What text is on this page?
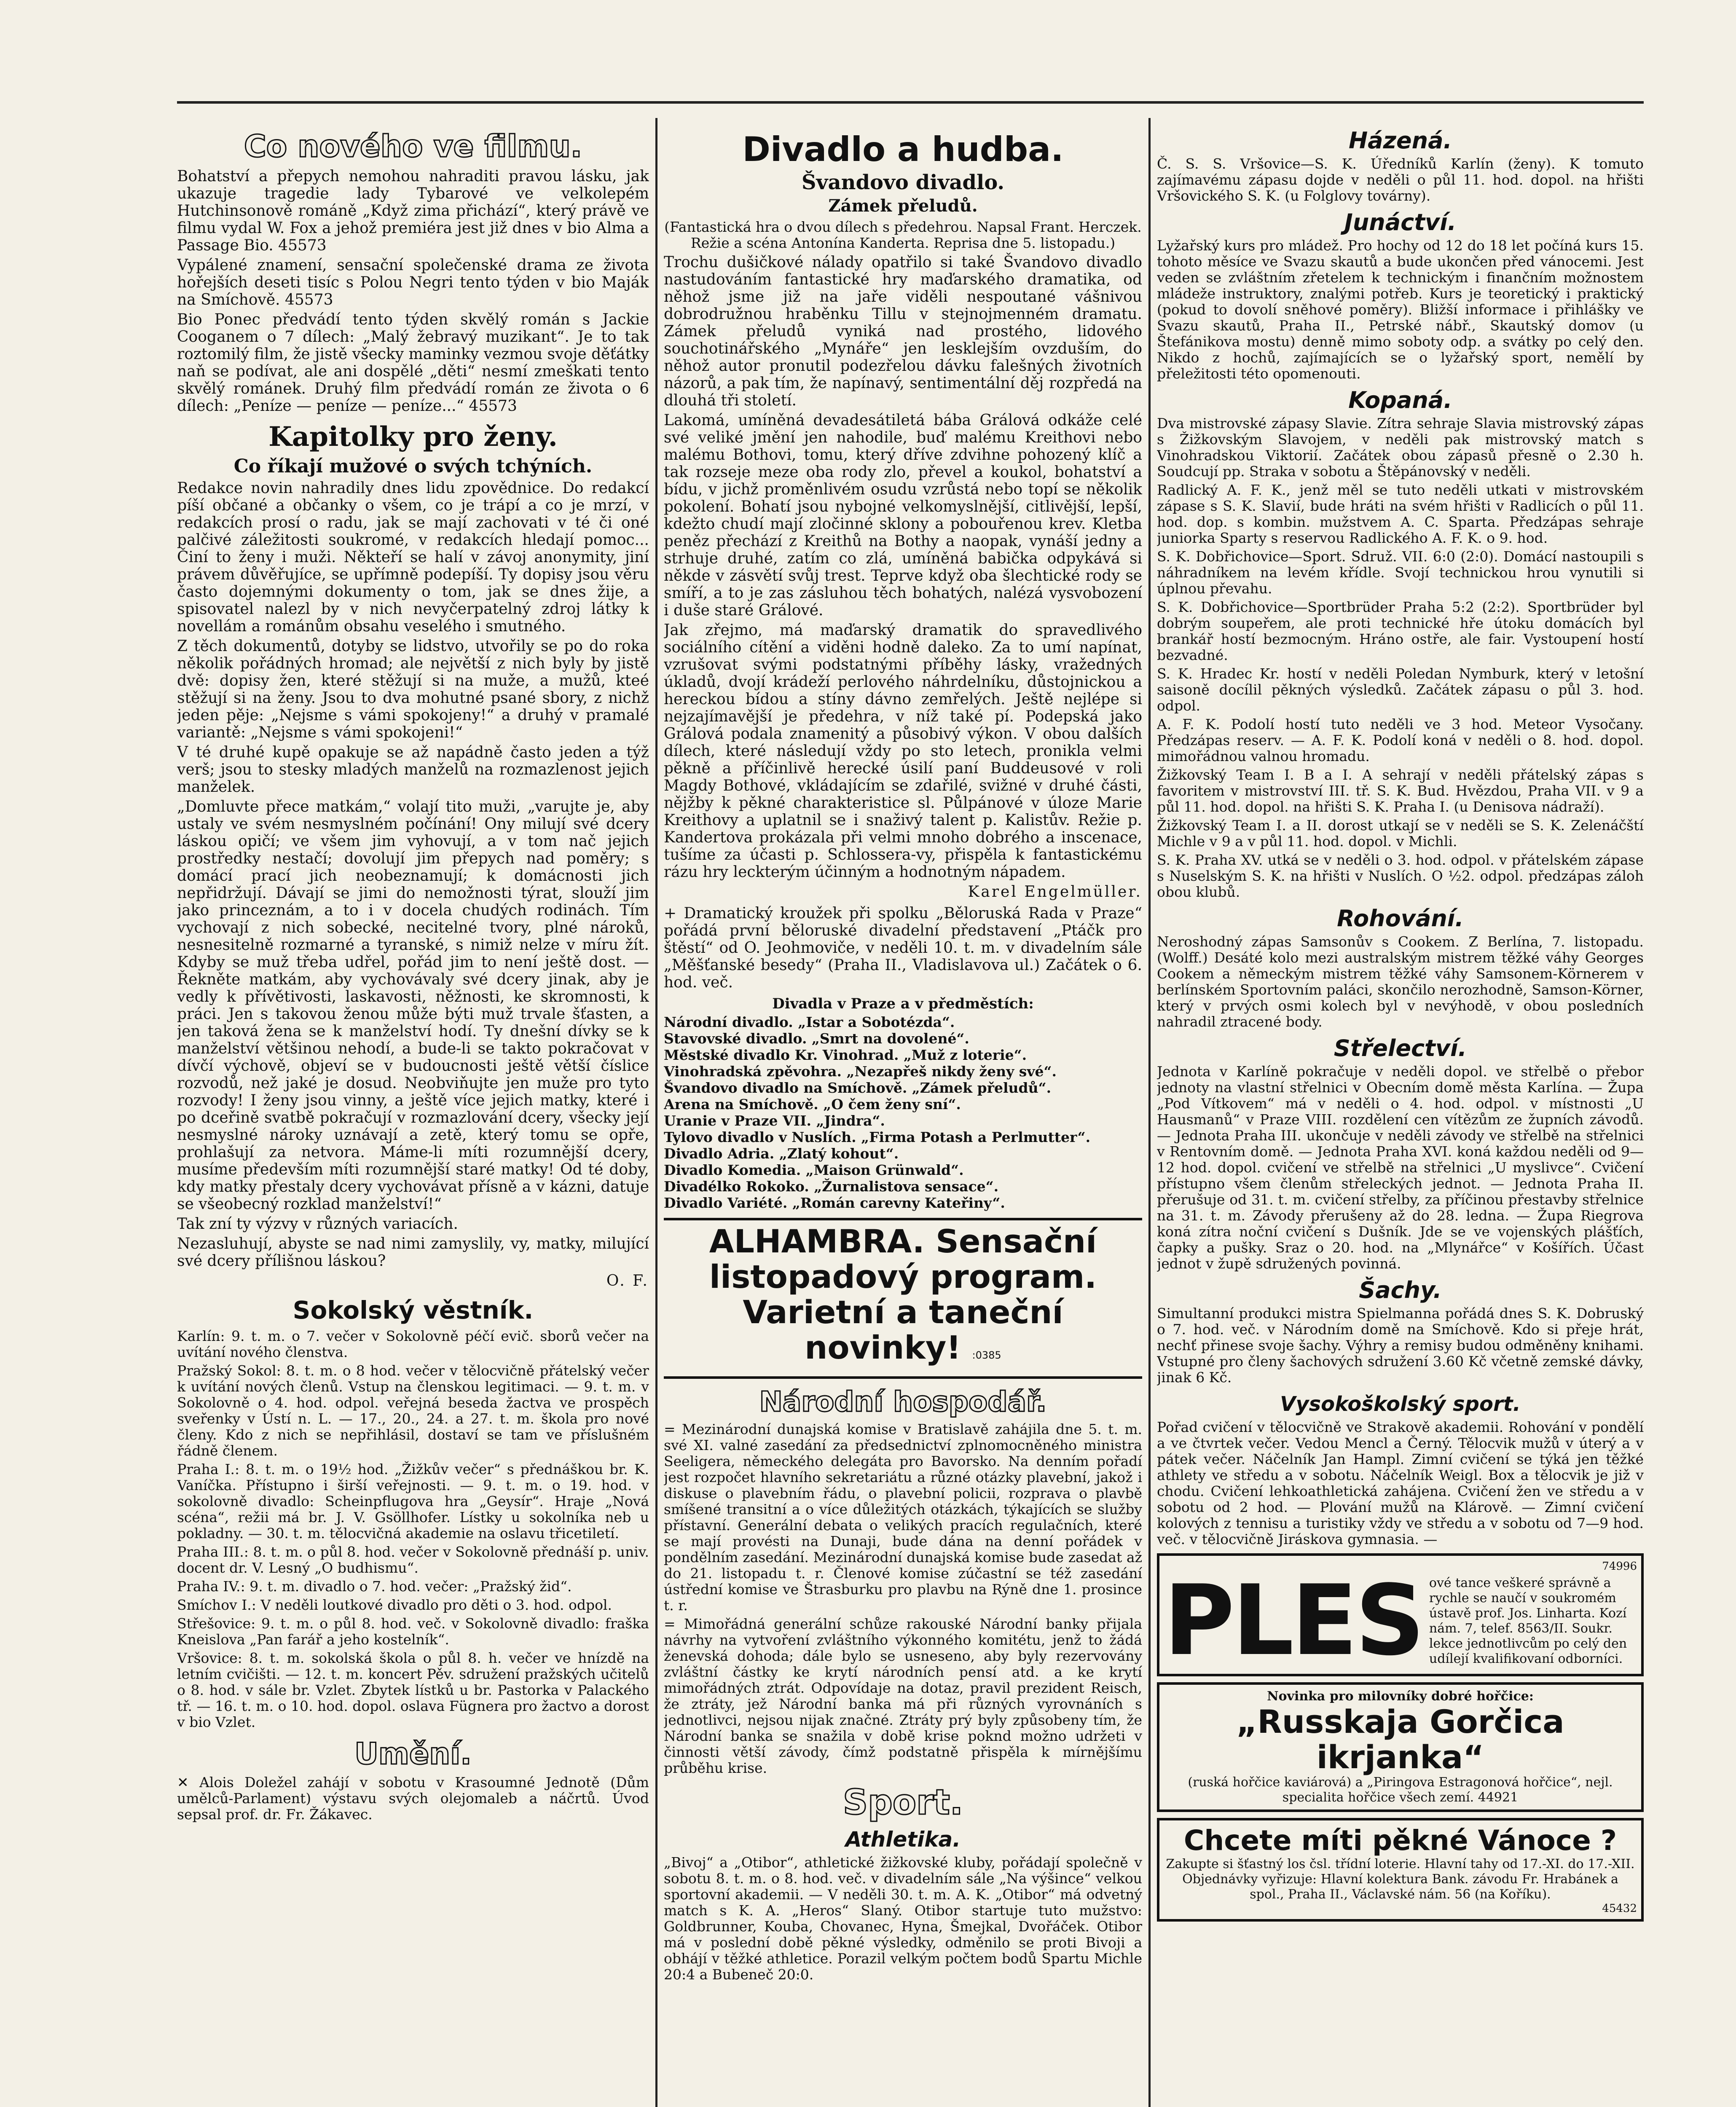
Co nového ve filmu.

Bohatství a přepych nemohou nahraditi pravou lásku, jak ukazuje tragedie lady Tybarové ve velkolepém Hutchinsonově románě „Když zima přichází“, který právě ve filmu vydal W. Fox a jehož premiéra jest již dnes v bio Alma a Passage Bio. 45573

Vypálené znamení, sensační společenské drama ze života hořejších deseti tisíc s Polou Negri tento týden v bio Maják na Smíchově. 45573

Bio Ponec předvádí tento týden skvělý román s Jackie Cooganem o 7 dílech: „Malý žebravý muzikant“. Je to tak roztomilý film, že jistě všecky maminky vezmou svoje děťátky naň se podívat, ale ani dospělé „děti“ nesmí zmeškati tento skvělý románek. Druhý film předvádí román ze života o 6 dílech: „Peníze — peníze — peníze...“ 45573

Kapitolky pro ženy.
Co říkají mužové o svých tchýních.

Redakce novin nahradily dnes lidu zpovědnice. Do redakcí píší občané a občanky o všem, co je trápí a co je mrzí, v redakcích prosí o radu, jak se mají zachovati v té či oné palčivé záležitosti soukromé, v redakcích hledají pomoc... Činí to ženy i muži. Někteří se halí v závoj anonymity, jiní právem důvěřujíce, se upřímně podepíší. Ty dopisy jsou věru často dojemnými dokumenty o tom, jak se dnes žije, a spisovatel nalezl by v nich nevyčerpatelný zdroj látky k novellám a románům obsahu veselého i smutného.

Z těch dokumentů, dotyby se lidstvo, utvořily se po do roka několik pořádných hromad; ale největší z nich byly by jistě dvě: dopisy žen, které stěžují si na muže, a mužů, kteé stěžují si na ženy. Jsou to dva mohutné psané sbory, z nichž jeden pěje: „Nejsme s vámi spokojeny!“ a druhý v pramalé variantě: „Nejsme s vámi spokojeni!“

V té druhé kupě opakuje se až napádně často jeden a týž verš; jsou to stesky mladých manželů na rozmazlenost jejich manželek.

„Domluvte přece matkám,“ volají tito muži, „varujte je, aby ustaly ve svém nesmyslném počínání! Ony milují své dcery láskou opičí; ve všem jim vyhovují, a v tom nač jejich prostředky nestačí; dovolují jim přepych nad poměry; s domácí prací jich neobeznamují; k domácnosti jich nepřidržují. Dávají se jimi do nemožnosti týrat, slouží jim jako princeznám, a to i v docela chudých rodinách. Tím vychovají z nich sobecké, necitelné tvory, plné nároků, nesnesitelně rozmarné a tyranské, s nimiž nelze v míru žít. Kdyby se muž třeba udřel, pořád jim to není ještě dost. — Řekněte matkám, aby vychovávaly své dcery jinak, aby je vedly k přívětivosti, laskavosti, něžnosti, ke skromnosti, k práci. Jen s takovou ženou může býti muž trvale šťasten, a jen taková žena se k manželství hodí. Ty dnešní dívky se k manželství většinou nehodí, a bude-li se takto pokračovat v dívčí výchově, objeví se v budoucnosti ještě větší číslice rozvodů, než jaké je dosud. Neobviňujte jen muže pro tyto rozvody! I ženy jsou vinny, a ještě více jejich matky, které i po dceřině svatbě pokračují v rozmazlování dcery, všecky její nesmyslné nároky uznávají a zetě, který tomu se opře, prohlašují za netvora. Máme-li míti rozumnější dcery, musíme především míti rozumnější staré matky! Od té doby, kdy matky přestaly dcery vychovávat přísně a v kázni, datuje se všeobecný rozklad manželství!“

Tak zní ty výzvy v různých variacích.

Nezasluhují, abyste se nad nimi zamyslily, vy, matky, milující své dcery přílišnou láskou?

O. F.
Sokolský věstník.

Karlín: 9. t. m. o 7. večer v Sokolovně péčí evič. sborů večer na uvítání nového členstva.

Pražský Sokol: 8. t. m. o 8 hod. večer v tělocvičně přátelský večer k uvítání nových členů. Vstup na členskou legitimaci. — 9. t. m. v Sokolovně o 4. hod. odpol. veřejná beseda žactva ve prospěch sveřenky v Ústí n. L. — 17., 20., 24. a 27. t. m. škola pro nové členy. Kdo z nich se nepřihlásil, dostaví se tam ve příslušném řádně členem.

Praha I.: 8. t. m. o 19½ hod. „Žižkův večer“ s přednáškou br. K. Vaníčka. Přístupno i širší veřejnosti. — 9. t. m. o 19. hod. v sokolovně divadlo: Scheinpflugova hra „Geysír“. Hraje „Nová scéna“, režii má br. J. V. Gsöllhofer. Lístky u sokolníka neb u pokladny. — 30. t. m. tělocvičná akademie na oslavu třicetiletí.

Praha III.: 8. t. m. o půl 8. hod. večer v Sokolovně přednáší p. univ. docent dr. V. Lesný „O budhismu“.

Praha IV.: 9. t. m. divadlo o 7. hod. večer: „Pražský žid“.

Smíchov I.: V neděli loutkové divadlo pro děti o 3. hod. odpol.

Střešovice: 9. t. m. o půl 8. hod. več. v Sokolovně divadlo: fraška Kneislova „Pan farář a jeho kostelník“.

Vršovice: 8. t. m. sokolská škola o půl 8. h. večer ve hnízdě na letním cvičišti. — 12. t. m. koncert Pěv. sdružení pražských učitelů o 8. hod. v sále br. Vzlet. Zbytek lístků u br. Pastorka v Palackého tř. — 16. t. m. o 10. hod. dopol. oslava Fügnera pro žactvo a dorost v bio Vzlet.

Umění.

✕ Alois Doležel zahájí v sobotu v Krasoumné Jednotě (Dům umělců-Parlament) výstavu svých olejomaleb a náčrtů. Úvod sepsal prof. dr. Fr. Žákavec.

Divadlo a hudba.
Švandovo divadlo.
Zámek přeludů.

(Fantastická hra o dvou dílech s předehrou. Napsal Frant. Herczek. Režie a scéna Antonína Kanderta. Reprisa dne 5. listopadu.)

Trochu dušičkové nálady opatřilo si také Švandovo divadlo nastudováním fantastické hry maďarského dramatika, od něhož jsme již na jaře viděli nespoutané vášnivou dobrodružnou hraběnku Tillu v stejnojmenném dramatu. Zámek přeludů vyniká nad prostého, lidového souchotinářského „Mynáře“ jen lesklejším ovzduším, do něhož autor pronutil podezřelou dávku falešných životních názorů, a pak tím, že napínavý, sentimentální děj rozpředá na dlouhá tři století.

Lakomá, umíněná devadesátiletá bába Grálová odkáže celé své veliké jmění jen nahodile, buď malému Kreithovi nebo malému Bothovi, tomu, který dříve zdvihne pohozený klíč a tak rozseje meze oba rody zlo, převel a koukol, bohatství a bídu, v jichž proměnlivém osudu vzrůstá nebo topí se několik pokolení. Bohatí jsou nybojné velkomyslnější, citlivější, lepší, kdežto chudí mají zločinné sklony a pobouřenou krev. Kletba peněz přechází z Kreithů na Bothy a naopak, vynáší jedny a strhuje druhé, zatím co zlá, umíněná babička odpykává si někde v zásvětí svůj trest. Teprve když oba šlechtické rody se smíří, a to je zas zásluhou těch bohatých, nalézá vysvobození i duše staré Grálové.

Jak zřejmo, má maďarský dramatik do spravedlivého sociálního cítění a viděni hodně daleko. Za to umí napínat, vzrušovat svými podstatnými příběhy lásky, vražedných úkladů, dvojí krádeží perlového náhrdelníku, důstojnickou a hereckou bídou a stíny dávno zemřelých. Ještě nejlépe si nejzajímavější je předehra, v níž také pí. Podepská jako Grálová podala znamenitý a působivý výkon. V obou dalších dílech, které následují vždy po sto letech, pronikla velmi pěkně a příčinlivě herecké úsilí paní Buddeusové v roli Magdy Bothové, vkládajícím se zdařilé, svižné v druhé části, nějžby k pěkné charakteristice sl. Půlpánové v úloze Marie Kreithovy a uplatnil se i snaživý talent p. Kalistův. Režie p. Kandertova prokázala při velmi mnoho dobrého a inscenace, tušíme za účasti p. Schlossera-vy, přispěla k fantastickému rázu hry leckterým účinným a hodnotným nápadem.

Karel Engelmüller.

+ Dramatický kroužek při spolku „Běloruská Rada v Praze“ pořádá první běloruské divadelní představení „Ptáčk pro štěstí“ od O. Jeohmoviče, v neděli 10. t. m. v divadelním sále „Měšťanské besedy“ (Praha II., Vladislavova ul.) Začátek o 6. hod. več.

Divadla v Praze a v předměstích:
Národní divadlo. „Istar a Sobotézda“.
Stavovské divadlo. „Smrt na dovolené“.
Městské divadlo Kr. Vinohrad. „Muž z loterie“.
Vinohradská zpěvohra. „Nezapřeš nikdy ženy své“.
Švandovo divadlo na Smíchově. „Zámek přeludů“.
Arena na Smíchově. „O čem ženy sní“.
Uranie v Praze VII. „Jindra“.
Tylovo divadlo v Nuslích. „Firma Potash a Perlmutter“.
Divadlo Adria. „Zlatý kohout“.
Divadlo Komedia. „Maison Grünwald“.
Divadélko Rokoko. „Žurnalistova sensace“.
Divadlo Variété. „Román carevny Kateřiny“.
ALHAMBRA. Sensační listopadový program. Varietní a taneční novinky! :0385
Národní hospodář.

= Mezinárodní dunajská komise v Bratislavě zahájila dne 5. t. m. své XI. valné zasedání za předsednictví zplnomocněného ministra Seeligera, německého delegáta pro Bavorsko. Na denním pořadí jest rozpočet hlavního sekretariátu a různé otázky plavební, jakož i diskuse o plavebním řádu, o plavební policii, rozprava o plavbě smíšené transitní a o více důležitých otázkách, týkajících se služby přístavní. Generální debata o velikých pracích regulačních, které se mají provésti na Dunaji, bude dána na denní pořádek v pondělním zasedání. Mezinárodní dunajská komise bude zasedat až do 21. listopadu t. r. Členové komise zúčastní se též zasedání ústřední komise ve Štrasburku pro plavbu na Rýně dne 1. prosince t. r.

= Mimořádná generální schůze rakouské Národní banky přijala návrhy na vytvoření zvláštního výkonného komitétu, jenž to žádá ženevská dohoda; dále bylo se usneseno, aby byly rezervovány zvláštní částky ke krytí národních pensí atd. a ke krytí mimořádných ztrát. Odpovídaje na dotaz, pravil prezident Reisch, že ztráty, jež Národní banka má při různých vyrovnáních s jednotlivci, nejsou nijak značné. Ztráty prý byly způsobeny tím, že Národní banka se snažila v době krise poknd možno udržeti v činnosti větší závody, čímž podstatně přispěla k mírnějšímu průběhu krise.

Sport.
Athletika.

„Bivoj“ a „Otibor“, athletické žižkovské kluby, pořádají společně v sobotu 8. t. m. o 8. hod. več. v divadelním sále „Na výšince“ velkou sportovní akademii. — V neděli 30. t. m. A. K. „Otibor“ má odvetný match s K. A. „Heros“ Slaný. Otibor startuje tuto mužstvo: Goldbrunner, Kouba, Chovanec, Hyna, Šmejkal, Dvořáček. Otibor má v poslední době pěkné výsledky, odměnilo se proti Bivoji a obhájí v těžké athletice. Porazil velkým počtem bodů Spartu Michle 20:4 a Bubeneč 20:0.

Házená.

Č. S. S. Vršovice—S. K. Úředníků Karlín (ženy). K tomuto zajímavému zápasu dojde v neděli o půl 11. hod. dopol. na hřišti Vršovického S. K. (u Folglovy továrny).

Junáctví.

Lyžařský kurs pro mládež. Pro hochy od 12 do 18 let počíná kurs 15. tohoto měsíce ve Svazu skautů a bude ukončen před vánocemi. Jest veden se zvláštním zřetelem k technickým i finančním možnostem mládeže instruktory, znalými potřeb. Kurs je teoretický i praktický (pokud to dovolí sněhové poměry). Bližší informace i přihlášky ve Svazu skautů, Praha II., Petrské nábř., Skautský domov (u Štefánikova mostu) denně mimo soboty odp. a svátky po celý den. Nikdo z hochů, zajímajících se o lyžařský sport, nemělí by přeležitosti této opomenouti.

Kopaná.

Dva mistrovské zápasy Slavie. Zítra sehraje Slavia mistrovský zápas s Žižkovským Slavojem, v neděli pak mistrovský match s Vinohradskou Viktorií. Začátek obou zápasů přesně o 2.30 h. Soudcují pp. Straka v sobotu a Štěpánovský v neděli.

Radlický A. F. K., jenž měl se tuto neděli utkati v mistrovském zápase s S. K. Slavií, bude hráti na svém hřišti v Radlicích o půl 11. hod. dop. s kombin. mužstvem A. C. Sparta. Předzápas sehraje juniorka Sparty s reservou Radlického A. F. K. o 9. hod.

S. K. Dobřichovice—Sport. Sdruž. VII. 6:0 (2:0). Domácí nastoupili s náhradníkem na levém křídle. Svojí technickou hrou vynutili si úplnou převahu.

S. K. Dobřichovice—Sportbrüder Praha 5:2 (2:2). Sportbrüder byl dobrým soupeřem, ale proti technické hře útoku domácích byl brankář hostí bezmocným. Hráno ostře, ale fair. Vystoupení hostí bezvadné.

S. K. Hradec Kr. hostí v neděli Poledan Nymburk, který v letošní saisoně docílil pěkných výsledků. Začátek zápasu o půl 3. hod. odpol.

A. F. K. Podolí hostí tuto neděli ve 3 hod. Meteor Vysočany. Předzápas reserv. — A. F. K. Podolí koná v neděli o 8. hod. dopol. mimořádnou valnou hromadu.

Žižkovský Team I. B a I. A sehrají v neděli přátelský zápas s favoritem v mistrovství III. tř. S. K. Bud. Hvězdou, Praha VII. v 9 a půl 11. hod. dopol. na hřišti S. K. Praha I. (u Denisova nádraží).

Žižkovský Team I. a II. dorost utkají se v neděli se S. K. Zelenáčští Michle v 9 a v půl 11. hod. dopol. v Michli.

S. K. Praha XV. utká se v neděli o 3. hod. odpol. v přátelském zápase s Nuselským S. K. na hřišti v Nuslích. O ½2. odpol. předzápas záloh obou klubů.

Rohování.

Neroshodný zápas Samsonův s Cookem. Z Berlína, 7. listopadu. (Wolff.) Desáté kolo mezi australským mistrem těžké váhy Georges Cookem a německým mistrem těžké váhy Samsonem-Körnerem v berlínském Sportovním paláci, skončilo nerozhodně, Samson-Körner, který v prvých osmi kolech byl v nevýhodě, v obou posledních nahradil ztracené body.

Střelectví.

Jednota v Karlíně pokračuje v neděli dopol. ve střelbě o přebor jednoty na vlastní střelnici v Obecním domě města Karlína. — Župa „Pod Vítkovem“ má v neděli o 4. hod. odpol. v místnosti „U Hausmanů“ v Praze VIII. rozdělení cen vítězům ze župních závodů. — Jednota Praha III. ukončuje v neděli závody ve střelbě na střelnici v Rentovním domě. — Jednota Praha XVI. koná každou neděli od 9—12 hod. dopol. cvičení ve střelbě na střelnici „U myslivce“. Cvičení přístupno všem členům střeleckých jednot. — Jednota Praha II. přerušuje od 31. t. m. cvičení střelby, za příčinou přestavby střelnice na 31. t. m. Závody přerušeny až do 28. ledna. — Župa Riegrova koná zítra noční cvičení s Dušník. Jde se ve vojenských plášťích, čapky a pušky. Sraz o 20. hod. na „Mlynářce“ v Košířích. Účast jednot v župě sdružených povinná.

Šachy.

Simultanní produkci mistra Spielmanna pořádá dnes S. K. Dobruský o 7. hod. več. v Národním domě na Smíchově. Kdo si přeje hrát, nechť přinese svoje šachy. Výhry a remisy budou odměněny knihami. Vstupné pro členy šachových sdružení 3.60 Kč včetně zemské dávky, jinak 6 Kč.

Vysokoškolský sport.

Pořad cvičení v tělocvičně ve Strakově akademii. Rohování v pondělí a ve čtvrtek večer. Vedou Mencl a Černý. Tělocvik mužů v úterý a v pátek večer. Náčelník Jan Hampl. Zimní cvičení se týká jen těžké athlety ve středu a v sobotu. Náčelník Weigl. Box a tělocvik je již v chodu. Cvičení lehkoathletická zahájena. Cvičení žen ve středu a v sobotu od 2 hod. — Plování mužů na Klárově. — Zimní cvičení kolových z tennisu a turistiky vždy ve středu a v sobotu od 7—9 hod. več. v tělocvičně Jiráskova gymnasia. —

74996
PLES ové tance veškeré správně a rychle se naučí v soukromém ústavě prof. Jos. Linharta. Kozí nám. 7, telef. 8563/II. Soukr. lekce jednotlivcům po celý den udílejí kvalifikovaní odborníci.
Novinka pro milovníky dobré hořčice:
„Russkaja Gorčica ikrjanka“
(ruská hořčice kaviárová) a „Piringova Estragonová hořčice“, nejl. specialita hořčice všech zemí. 44921
Chcete míti pěkné Vánoce ?
Zakupte si šťastný los čsl. třídní loterie. Hlavní tahy od 17.-XI. do 17.-XII. Objednávky vyřizuje: Hlavní kolektura Bank. závodu Fr. Hrabánek a spol., Praha II., Václavské nám. 56 (na Koříku).
45432
